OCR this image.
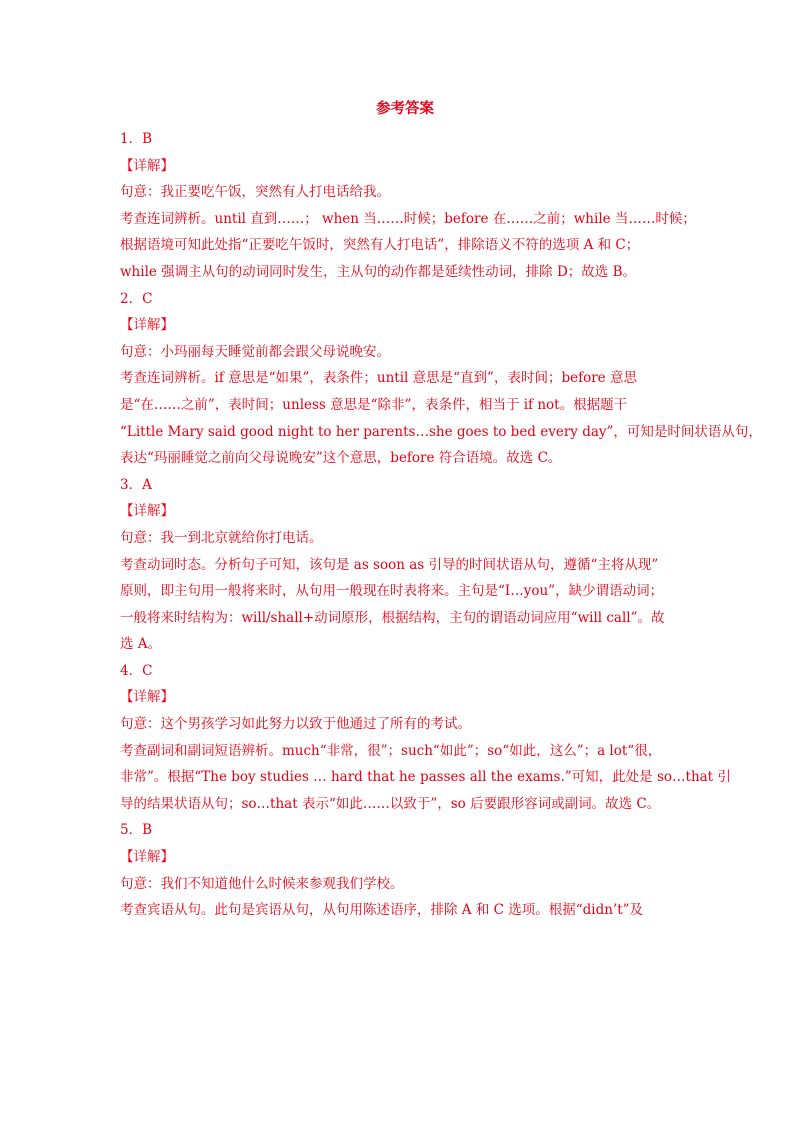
参考答案
1．B
【详解】
句意：我正要吃午饭，突然有人打电话给我。
考查连词辨析。until 直到……； when 当……时候；before 在……之前；while 当……时候；
根据语境可知此处指“正要吃午饭时，突然有人打电话”，排除语义不符的选项 A 和 C；
while 强调主从句的动词同时发生，主从句的动作都是延续性动词，排除 D；故选 B。
2．C
【详解】
句意：小玛丽每天睡觉前都会跟父母说晚安。
考查连词辨析。if 意思是“如果”，表条件；until 意思是“直到”，表时间；before 意思
是“在……之前”，表时间；unless 意思是“除非”，表条件，相当于 if not。根据题干
“Little Mary said good night to her parents…she goes to bed every day”，可知是时间状语从句，
表达“玛丽睡觉之前向父母说晚安”这个意思，before 符合语境。故选 C。
3．A
【详解】
句意：我一到北京就给你打电话。
考查动词时态。分析句子可知，该句是 as soon as 引导的时间状语从句，遵循“主将从现”
原则，即主句用一般将来时，从句用一般现在时表将来。主句是“I…you”，缺少谓语动词；
一般将来时结构为：will/shall+动词原形，根据结构，主句的谓语动词应用“will call”。故
选 A。
4．C
【详解】
句意：这个男孩学习如此努力以致于他通过了所有的考试。
考查副词和副词短语辨析。much“非常，很”；such“如此”；so“如此，这么”；a lot“很，
非常”。根据“The boy studies … hard that he passes all the exams.”可知，此处是 so…that 引
导的结果状语从句；so…that 表示“如此……以致于”，so 后要跟形容词或副词。故选 C。
5．B
【详解】
句意：我们不知道他什么时候来参观我们学校。
考查宾语从句。此句是宾语从句，从句用陈述语序，排除 A 和 C 选项。根据“didn’t”及
